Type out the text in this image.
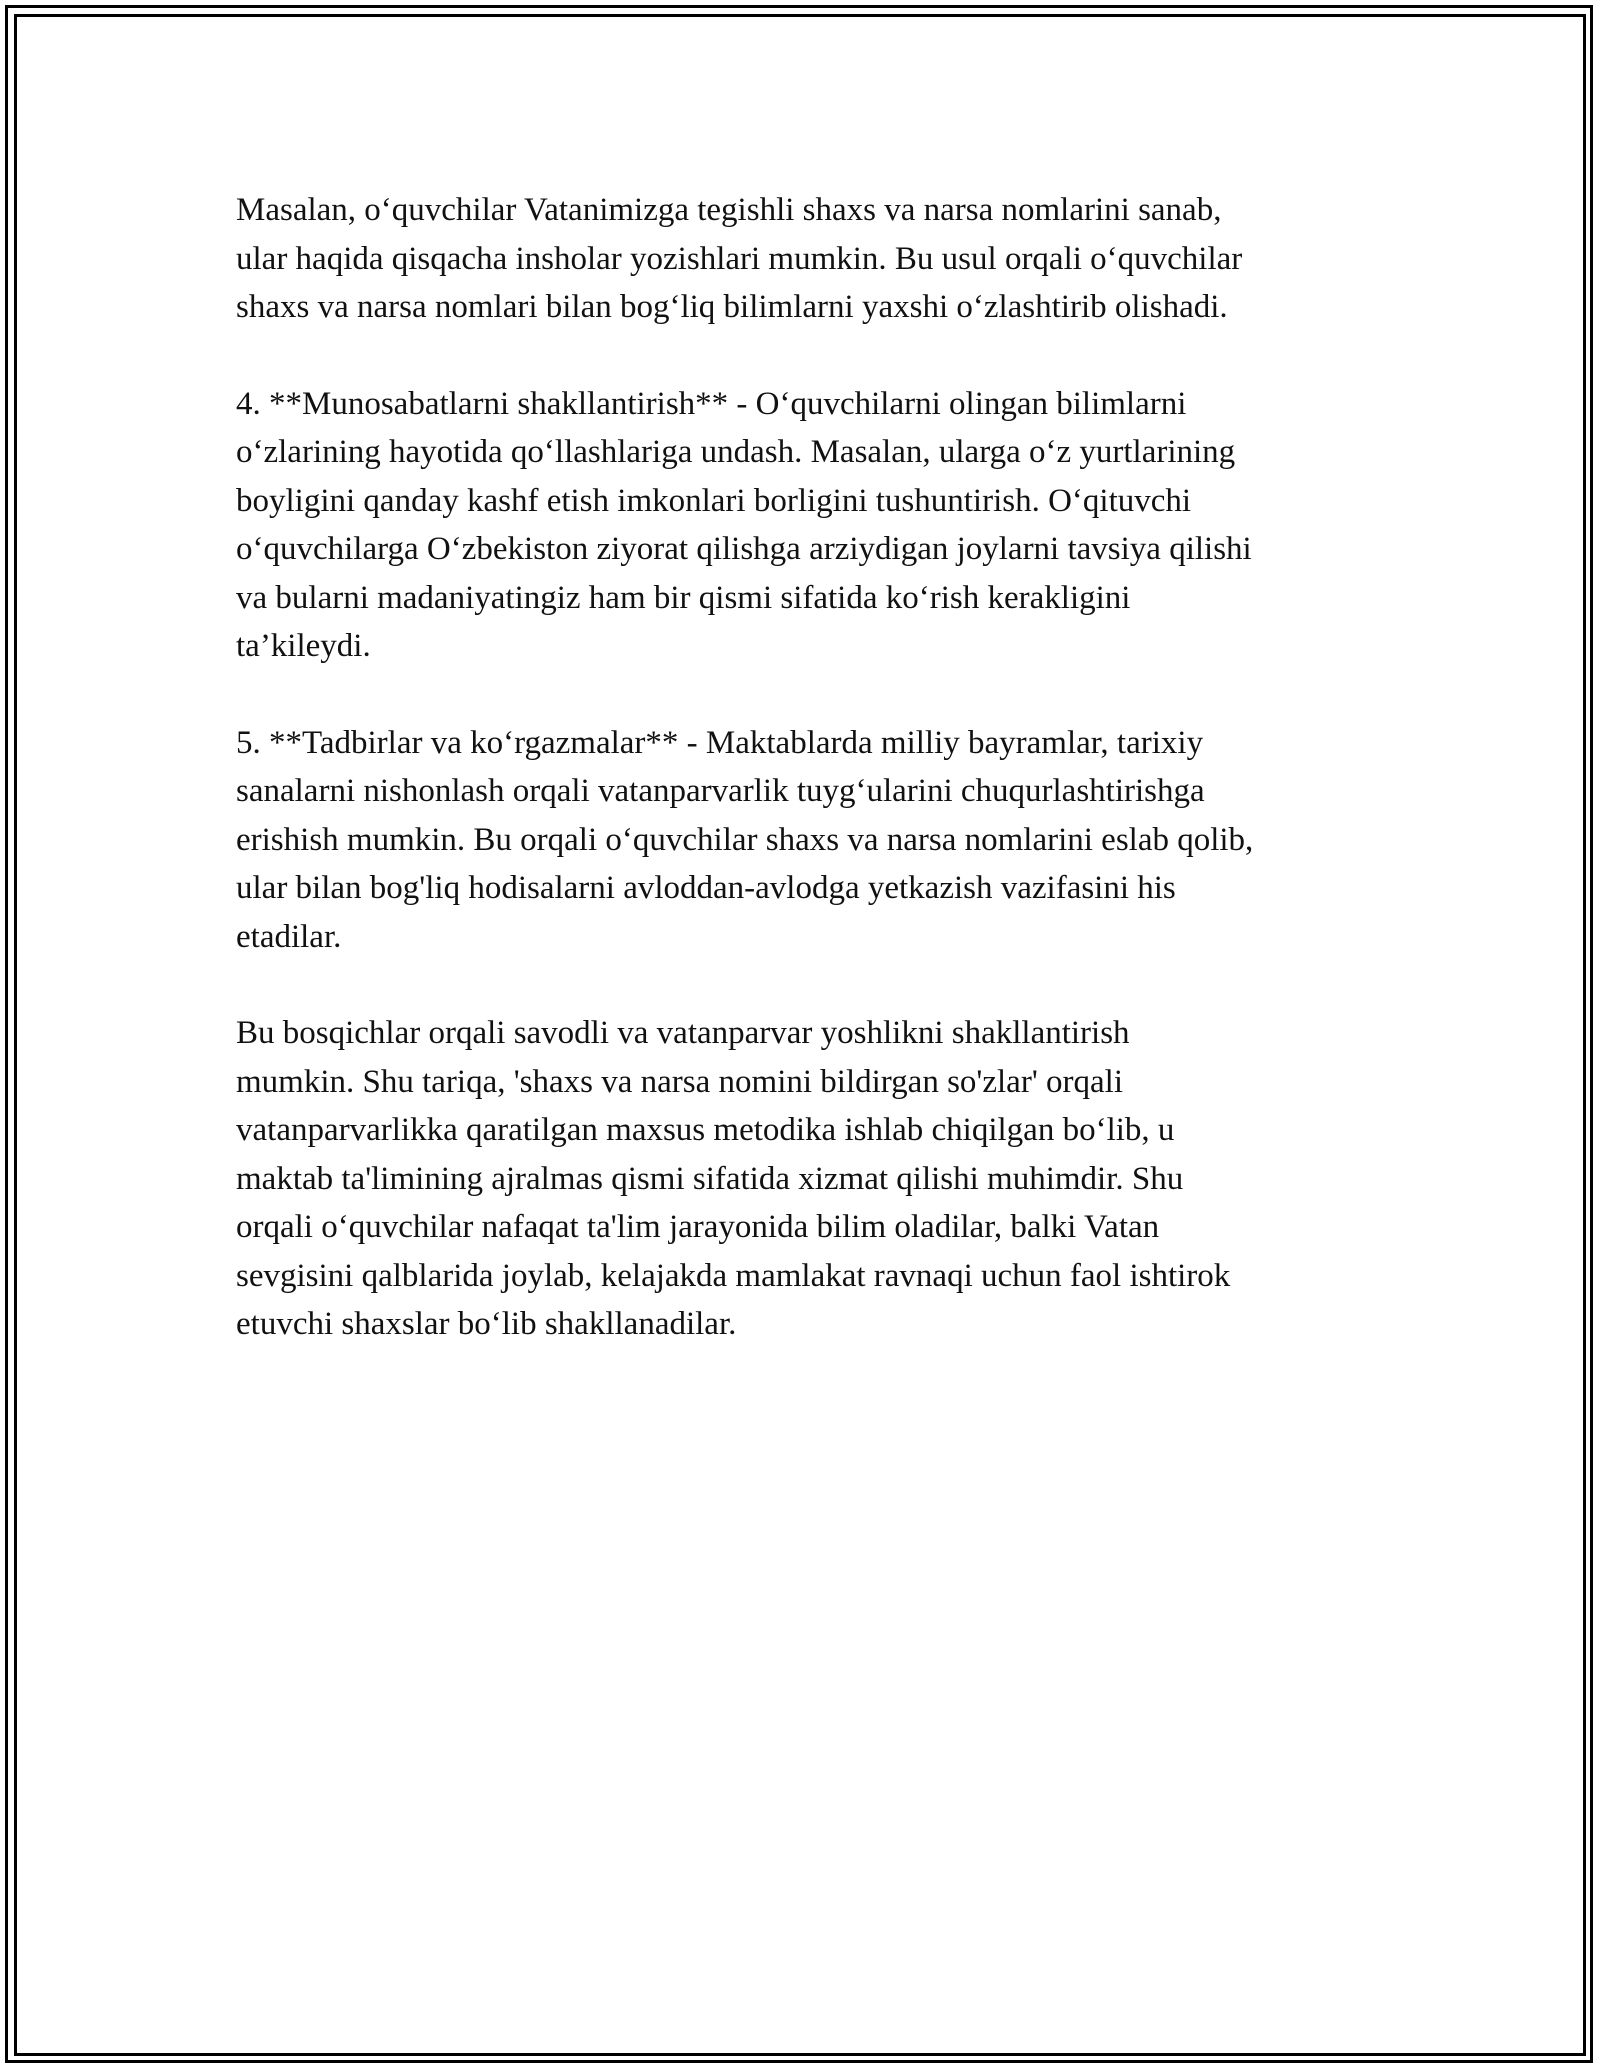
Masalan, o‘quvchilar Vatanimizga tegishli shaxs va narsa nomlarini sanab,
ular haqida qisqacha insholar yozishlari mumkin. Bu usul orqali o‘quvchilar
shaxs va narsa nomlari bilan bog‘liq bilimlarni yaxshi o‘zlashtirib olishadi.

4. **Munosabatlarni shakllantirish** - O‘quvchilarni olingan bilimlarni
o‘zlarining hayotida qo‘llashlariga undash. Masalan, ularga o‘z yurtlarining
boyligini qanday kashf etish imkonlari borligini tushuntirish. O‘qituvchi
o‘quvchilarga O‘zbekiston ziyorat qilishga arziydigan joylarni tavsiya qilishi
va bularni madaniyatingiz ham bir qismi sifatida ko‘rish kerakligini
ta’kileydi.

5. **Tadbirlar va ko‘rgazmalar** - Maktablarda milliy bayramlar, tarixiy
sanalarni nishonlash orqali vatanparvarlik tuyg‘ularini chuqurlashtirishga
erishish mumkin. Bu orqali o‘quvchilar shaxs va narsa nomlarini eslab qolib,
ular bilan bog'liq hodisalarni avloddan-avlodga yetkazish vazifasini his
etadilar.

Bu bosqichlar orqali savodli va vatanparvar yoshlikni shakllantirish
mumkin. Shu tariqa, 'shaxs va narsa nomini bildirgan so'zlar' orqali
vatanparvarlikka qaratilgan maxsus metodika ishlab chiqilgan bo‘lib, u
maktab ta'limining ajralmas qismi sifatida xizmat qilishi muhimdir. Shu
orqali o‘quvchilar nafaqat ta'lim jarayonida bilim oladilar, balki Vatan
sevgisini qalblarida joylab, kelajakda mamlakat ravnaqi uchun faol ishtirok
etuvchi shaxslar bo‘lib shakllanadilar.
